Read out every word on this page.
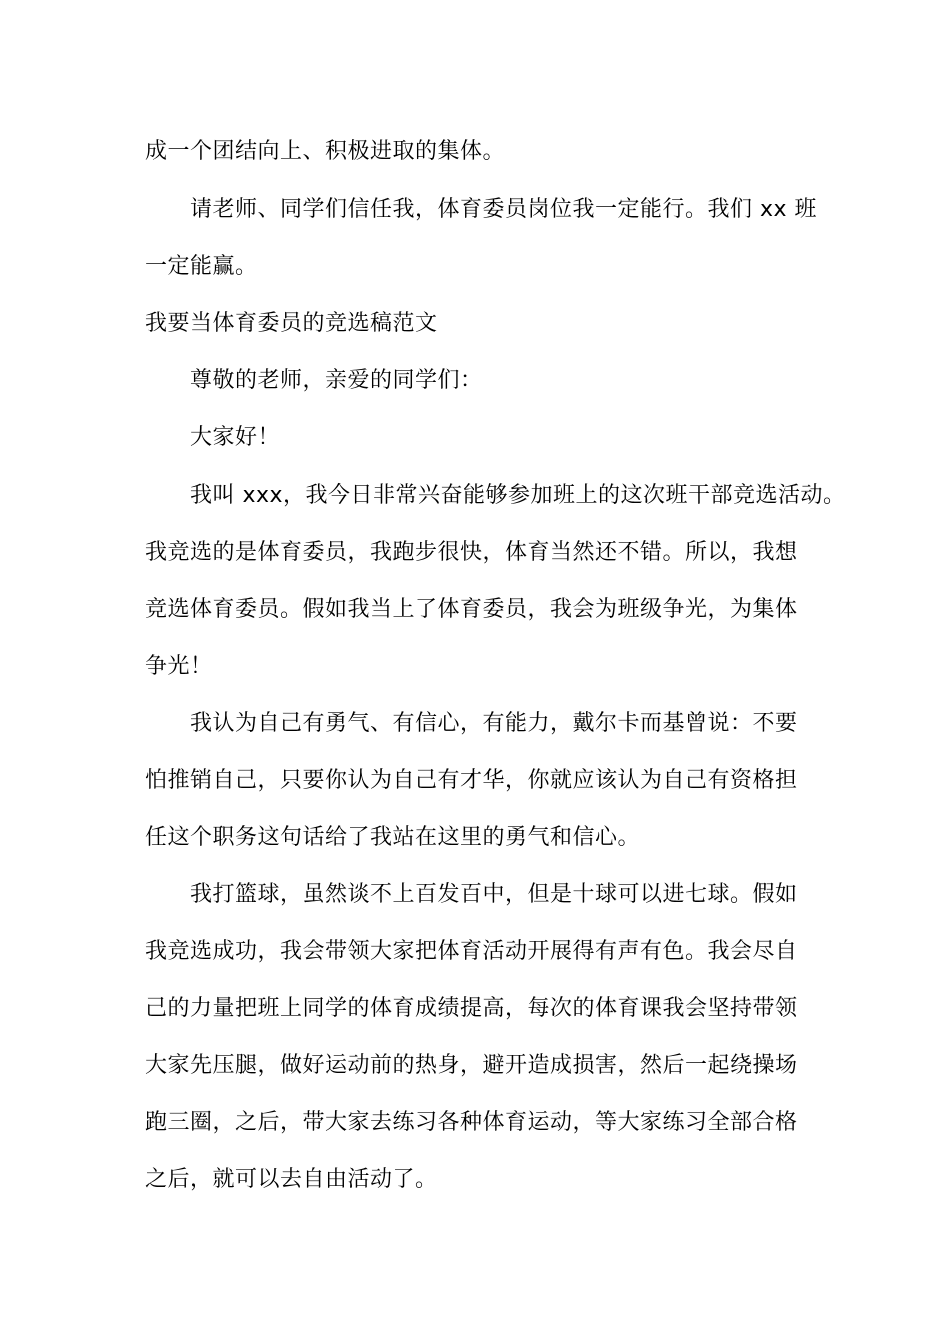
成一个团结向上、积极进取的集体。
请老师、同学们信任我，体育委员岗位我一定能行。我们 xx 班
一定能赢。
我要当体育委员的竞选稿范文
尊敬的老师，亲爱的同学们：
大家好！
我叫 xxx，我今日非常兴奋能够参加班上的这次班干部竞选活动。
我竞选的是体育委员，我跑步很快，体育当然还不错。所以，我想
竞选体育委员。假如我当上了体育委员，我会为班级争光，为集体
争光！
我认为自己有勇气、有信心，有能力，戴尔卡而基曾说：不要
怕推销自己，只要你认为自己有才华，你就应该认为自己有资格担
任这个职务这句话给了我站在这里的勇气和信心。
我打篮球，虽然谈不上百发百中，但是十球可以进七球。假如
我竞选成功，我会带领大家把体育活动开展得有声有色。我会尽自
己的力量把班上同学的体育成绩提高，每次的体育课我会坚持带领
大家先压腿，做好运动前的热身，避开造成损害，然后一起绕操场
跑三圈，之后，带大家去练习各种体育运动，等大家练习全部合格
之后，就可以去自由活动了。
